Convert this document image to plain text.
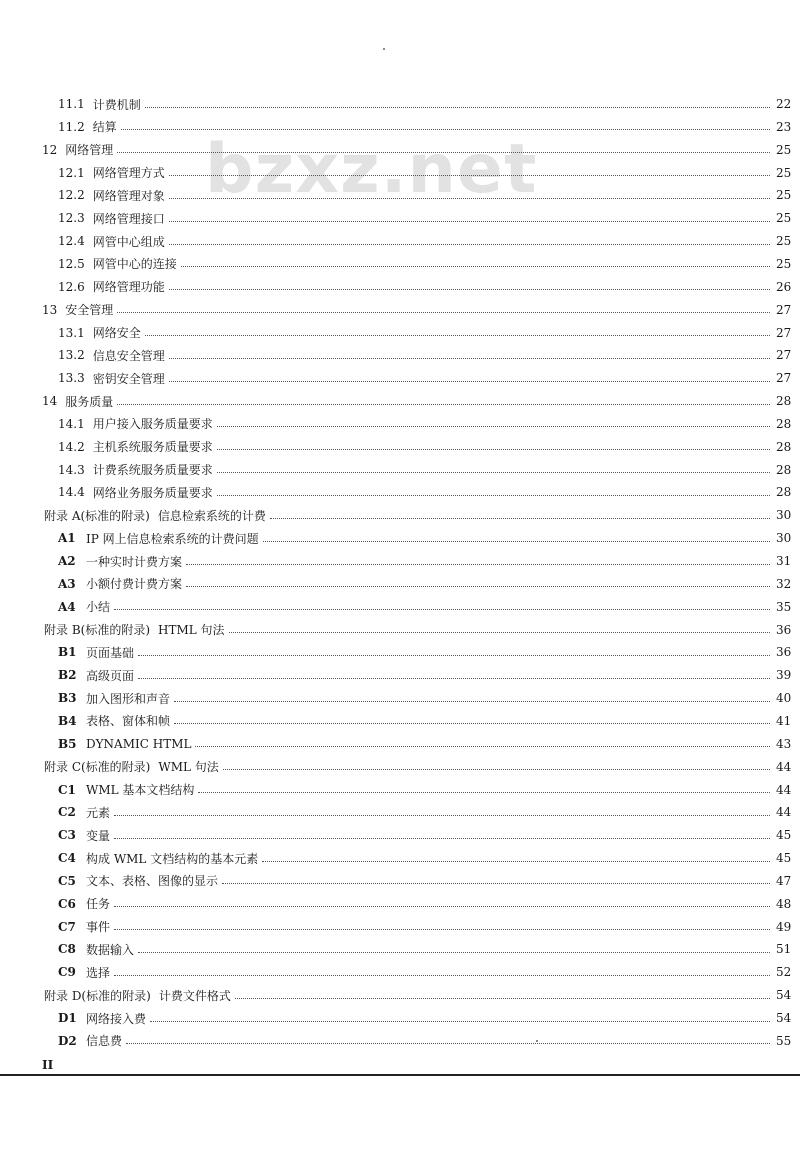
bzxz.net
11.1 计费机制	22
11.2 结算	23
12 网络管理	25
12.1 网络管理方式	25
12.2 网络管理对象	25
12.3 网络管理接口	25
12.4 网管中心组成	25
12.5 网管中心的连接	25
12.6 网络管理功能	26
13 安全管理	27
13.1 网络安全	27
13.2 信息安全管理	27
13.3 密钥安全管理	27
14 服务质量	28
14.1 用户接入服务质量要求	28
14.2 主机系统服务质量要求	28
14.3 计费系统服务质量要求	28
14.4 网络业务服务质量要求	28
附录 A(标准的附录) 信息检索系统的计费	30
A1 IP 网上信息检索系统的计费问题	30
A2 一种实时计费方案	31
A3 小额付费计费方案	32
A4 小结	35
附录 B(标准的附录) HTML 句法	36
B1 页面基础	36
B2 高级页面	39
B3 加入图形和声音	40
B4 表格、窗体和帧	41
B5 DYNAMIC HTML	43
附录 C(标准的附录) WML 句法	44
C1 WML 基本文档结构	44
C2 元素	44
C3 变量	45
C4 构成 WML 文档结构的基本元素	45
C5 文本、表格、图像的显示	47
C6 任务	48
C7 事件	49
C8 数据输入	51
C9 选择	52
附录 D(标准的附录) 计费文件格式	54
D1 网络接入费	54
D2 信息费	55
II
